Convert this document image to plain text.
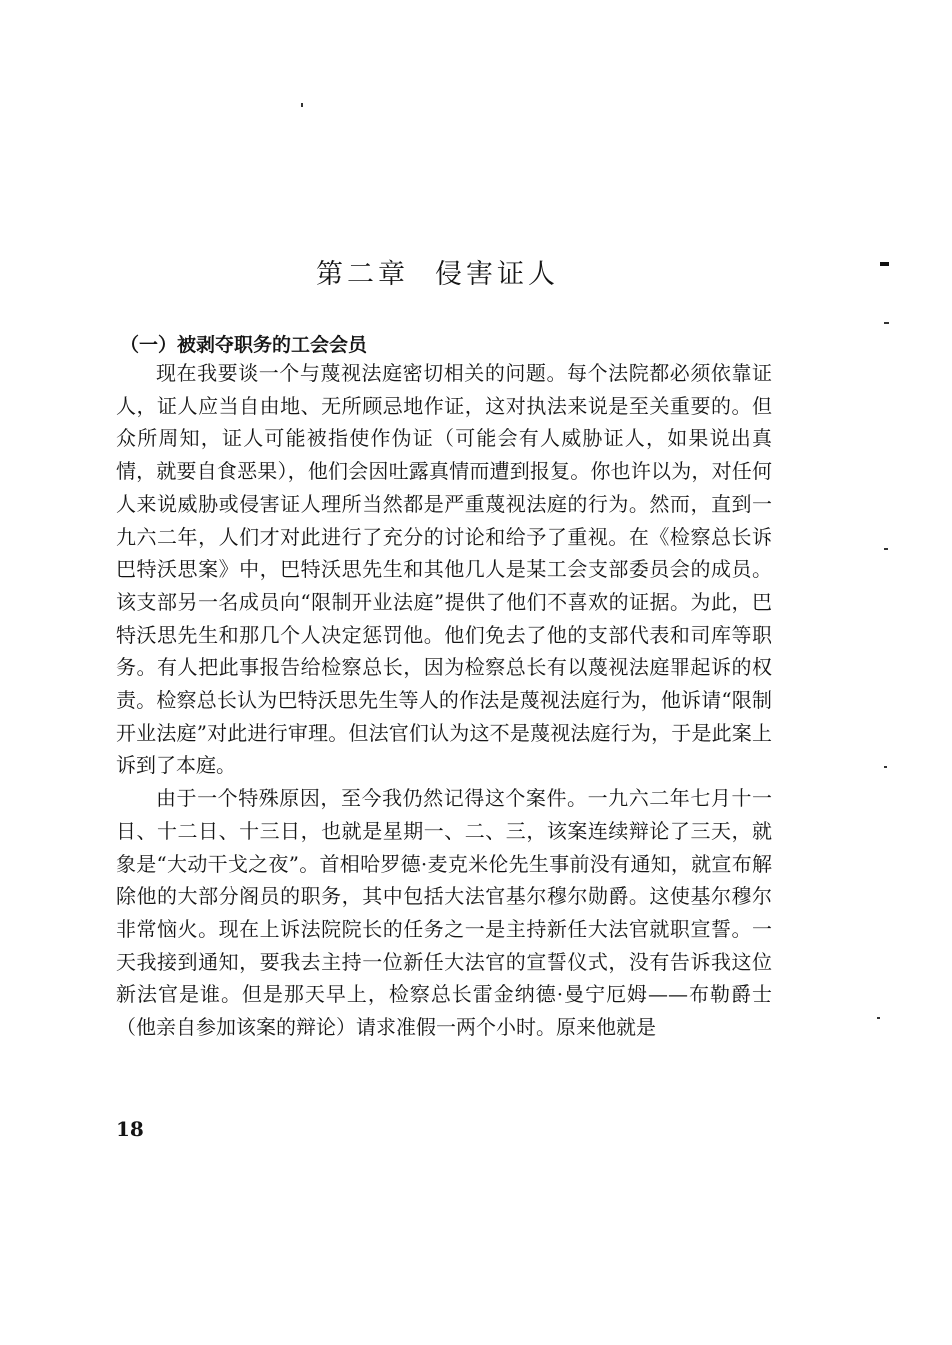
第二章 侵害证人
（一）被剥夺职务的工会会员

现在我要谈一个与蔑视法庭密切相关的问题。每个法院都必须依靠证人，证人应当自由地、无所顾忌地作证，这对执法来说是至关重要的。但众所周知，证人可能被指使作伪证（可能会有人威胁证人，如果说出真情，就要自食恶果），他们会因吐露真情而遭到报复。你也许以为，对任何人来说威胁或侵害证人理所当然都是严重蔑视法庭的行为。然而，直到一九六二年，人们才对此进行了充分的讨论和给予了重视。在《检察总长诉巴特沃思案》中，巴特沃思先生和其他几人是某工会支部委员会的成员。该支部另一名成员向“限制开业法庭”提供了他们不喜欢的证据。为此，巴特沃思先生和那几个人决定惩罚他。他们免去了他的支部代表和司库等职务。有人把此事报告给检察总长，因为检察总长有以蔑视法庭罪起诉的权责。检察总长认为巴特沃思先生等人的作法是蔑视法庭行为，他诉请“限制开业法庭”对此进行审理。但法官们认为这不是蔑视法庭行为，于是此案上诉到了本庭。

由于一个特殊原因，至今我仍然记得这个案件。一九六二年七月十一日、十二日、十三日，也就是星期一、二、三，该案连续辩论了三天，就象是“大动干戈之夜”。首相哈罗德·麦克米伦先生事前没有通知，就宣布解除他的大部分阁员的职务，其中包括大法官基尔穆尔勋爵。这使基尔穆尔非常恼火。现在上诉法院院长的任务之一是主持新任大法官就职宣誓。一天我接到通知，要我去主持一位新任大法官的宣誓仪式，没有告诉我这位新法官是谁。但是那天早上，检察总长雷金纳德·曼宁厄姆——布勒爵士（他亲自参加该案的辩论）请求准假一两个小时。原来他就是

18
